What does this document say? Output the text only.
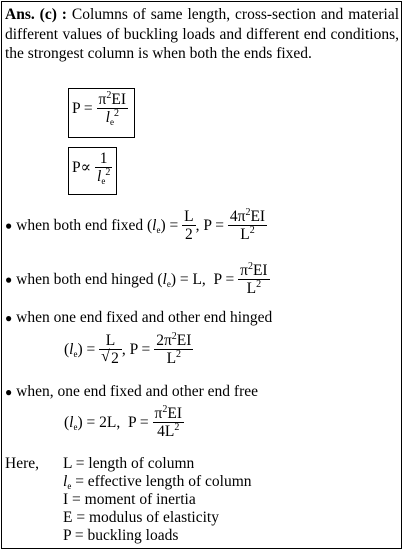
Ans. (c) : Columns of same length, cross-section and material different values of buckling loads and different end conditions, the strongest column is when both the ends fixed.
$P = \frac{\pi^2EI}{l_e^2}$
$P\propto \frac{1}{l_e^2}$
● when both end fixed $(l_e) = \frac{L}{2}$ , $P = \frac{4\pi^2EI}{L^2}$
● when both end hinged $(l_e) = L$,  $P = \frac{\pi^2EI}{L^2}$
● when one end fixed and other end hinged
$(l_e) = \frac{L}{√ 2}$ , $P = \frac{2\pi^2EI}{L^2}$
● when, one end fixed and other end free
$(l_e) = 2L$,  $P = \frac{\pi^2EI}{4L^2}$
Here, L = length of column
$l_e$ = effective length of column
I = moment of inertia
E = modulus of elasticity
P = buckling loads
